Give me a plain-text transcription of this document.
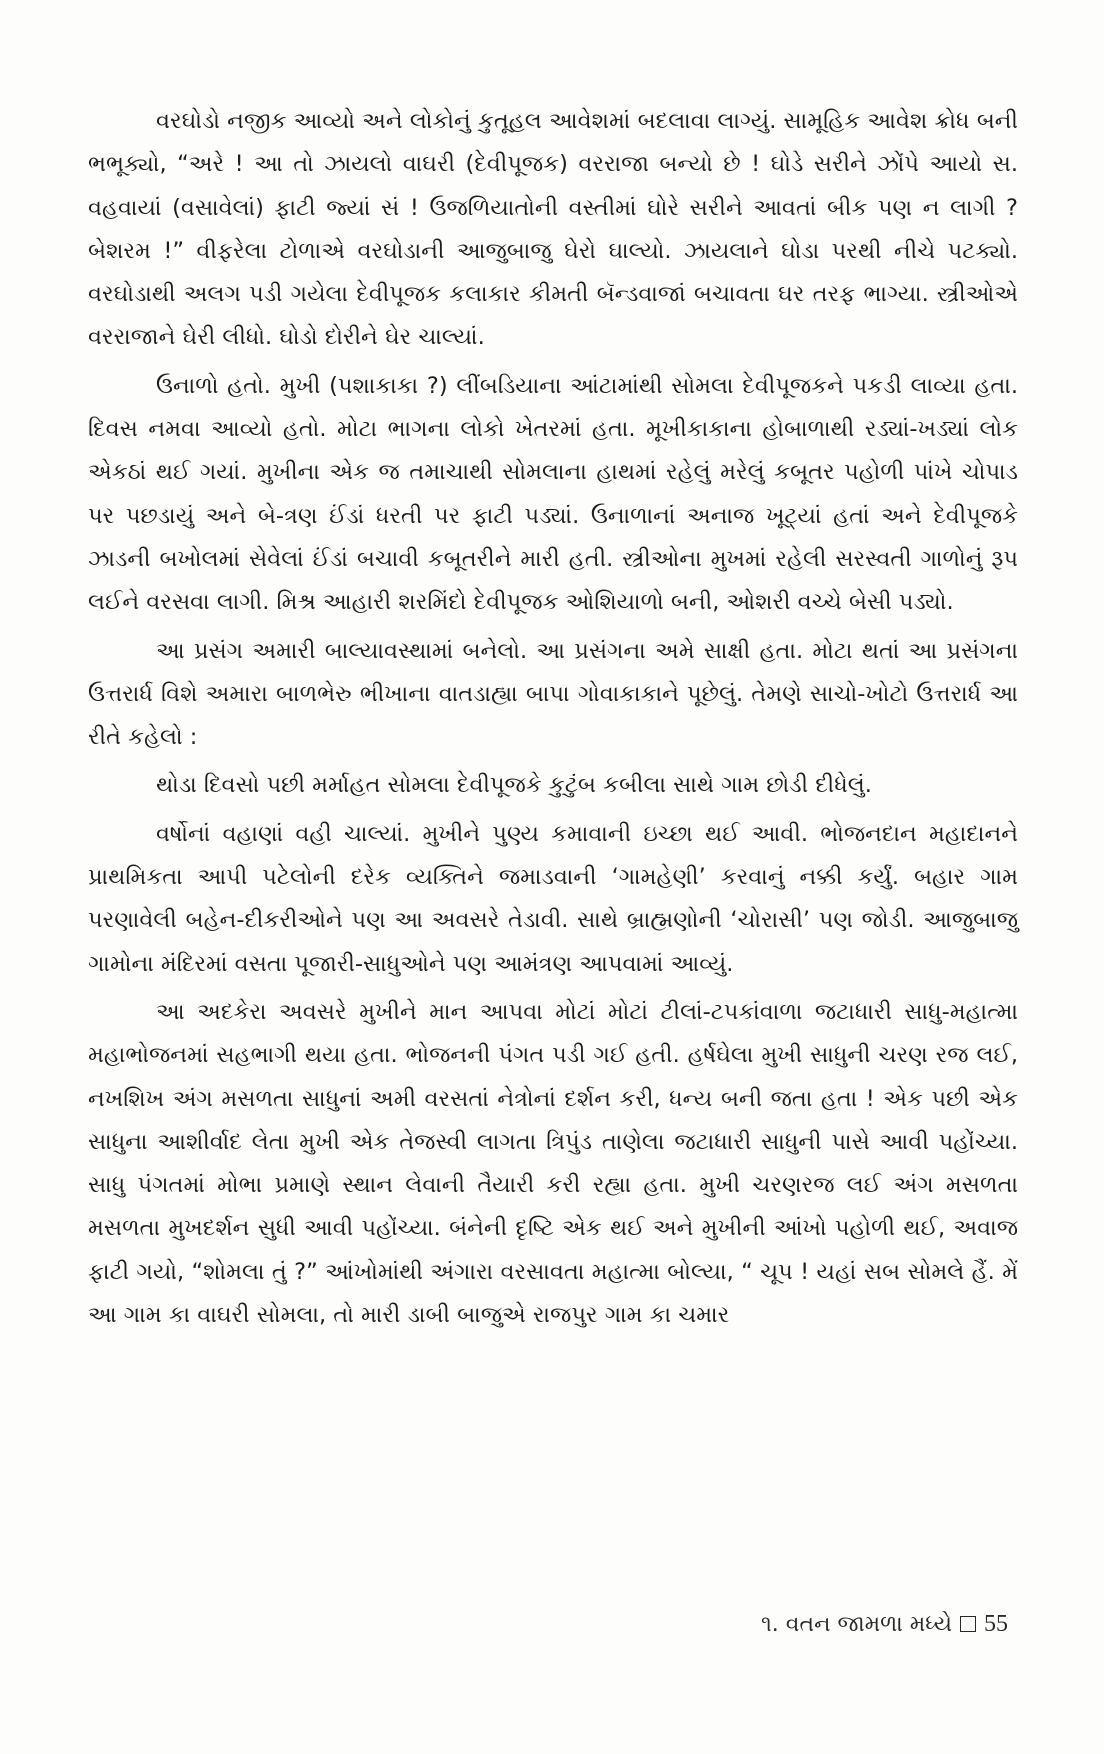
વરઘોડો નજીક આવ્યો અને લોકોનું કુતૂહલ આવેશમાં બદલાવા લાગ્યું. સામૂહિક આવેશ ક્રોધ બની ભભૂક્યો, “અરે ! આ તો ઝાયલો વાઘરી (દેવીપૂજક) વરરાજા બન્યો છે ! ઘોડે સરીને ઝોંપે આયો સ. વહવાયાં (વસાવેલાં) ફાટી જ્યાં સં ! ઉજળિયાતોની વસ્તીમાં ઘોરે સરીને આવતાં બીક પણ ન લાગી ? બેશરમ !” વીફરેલા ટોળાએ વરઘોડાની આજુબાજુ ઘેરો ઘાલ્યો. ઝાયલાને ઘોડા પરથી નીચે પટક્યો. વરઘોડાથી અલગ પડી ગયેલા દેવીપૂજક કલાકાર કીમતી બૅન્ડવાજાં બચાવતા ઘર તરફ ભાગ્યા. સ્ત્રીઓએ વરરાજાને ઘેરી લીધો. ઘોડો દોરીને ઘેર ચાલ્યાં.

ઉનાળો હતો. મુખી (પશાકાકા ?) લીંબડિયાના આંટામાંથી સોમલા દેવીપૂજકને પકડી લાવ્યા હતા. દિવસ નમવા આવ્યો હતો. મોટા ભાગના લોકો ખેતરમાં હતા. મૂખીકાકાના હોબાળાથી રડ્યાં-ખડ્યાં લોક એકઠાં થઈ ગયાં. મુખીના એક જ તમાચાથી સોમલાના હાથમાં રહેલું મરેલું કબૂતર પહોળી પાંખે ચોપાડ પર પછડાયું અને બે-ત્રણ ઈંડાં ધરતી પર ફાટી પડ્યાં. ઉનાળાનાં અનાજ ખૂટ્યાં હતાં અને દેવીપૂજકે ઝાડની બખોલમાં સેવેલાં ઈંડાં બચાવી કબૂતરીને મારી હતી. સ્ત્રીઓના મુખમાં રહેલી સરસ્વતી ગાળોનું રૂપ લઈને વરસવા લાગી. મિશ્ર આહારી શરમિંદો દેવીપૂજક ઓશિયાળો બની, ઓશરી વચ્ચે બેસી પડ્યો.

આ પ્રસંગ અમારી બાલ્યાવસ્થામાં બનેલો. આ પ્રસંગના અમે સાક્ષી હતા. મોટા થતાં આ પ્રસંગના ઉત્તરાર્ધ વિશે અમારા બાળભેરુ ભીખાના વાતડાહ્યા બાપા ગોવાકાકાને પૂછેલું. તેમણે સાચો-ખોટો ઉત્તરાર્ધ આ રીતે કહેલો :

થોડા દિવસો પછી મર્માહત સોમલા દેવીપૂજકે કુટુંબ કબીલા સાથે ગામ છોડી દીધેલું.

વર્ષોનાં વહાણાં વહી ચાલ્યાં. મુખીને પુણ્ય કમાવાની ઇચ્છા થઈ આવી. ભોજનદાન મહાદાનને પ્રાથમિકતા આપી પટેલોની દરેક વ્યક્તિને જમાડવાની ‘ગામહેણી’ કરવાનું નક્કી કર્યું. બહાર ગામ પરણાવેલી બહેન-દીકરીઓને પણ આ અવસરે તેડાવી. સાથે બ્રાહ્મણોની ‘ચોરાસી’ પણ જોડી. આજુબાજુ ગામોના મંદિરમાં વસતા પૂજારી-સાધુઓને પણ આમંત્રણ આપવામાં આવ્યું.

આ અદકેરા અવસરે મુખીને માન આપવા મોટાં મોટાં ટીલાં-ટપકાંવાળા જટાધારી સાધુ-મહાત્મા મહાભોજનમાં સહભાગી થયા હતા. ભોજનની પંગત પડી ગઈ હતી. હર્ષઘેલા મુખી સાધુની ચરણ રજ લઈ, નખશિખ અંગ મસળતા સાધુનાં અમી વરસતાં નેત્રોનાં દર્શન કરી, ધન્ય બની જતા હતા ! એક પછી એક સાધુના આશીર્વાદ લેતા મુખી એક તેજસ્વી લાગતા ત્રિપુંડ તાણેલા જટાધારી સાધુની પાસે આવી પહોંચ્યા. સાધુ પંગતમાં મોભા પ્રમાણે સ્થાન લેવાની તૈયારી કરી રહ્યા હતા. મુખી ચરણરજ લઈ અંગ મસળતા મસળતા મુખદર્શન સુધી આવી પહોંચ્યા. બંનેની દૃષ્ટિ એક થઈ અને મુખીની આંખો પહોળી થઈ, અવાજ ફાટી ગયો, “શોમલા તું ?” આંખોમાંથી અંગારા વરસાવતા મહાત્મા બોલ્યા, “ ચૂપ ! યહાં સબ સોમલે હૈં. મેં આ ગામ કા વાઘરી સોમલા, તો મારી ડાબી બાજુએ રાજપુર ગામ કા ચમાર

૧. વતન જામળા મધ્યે 55
